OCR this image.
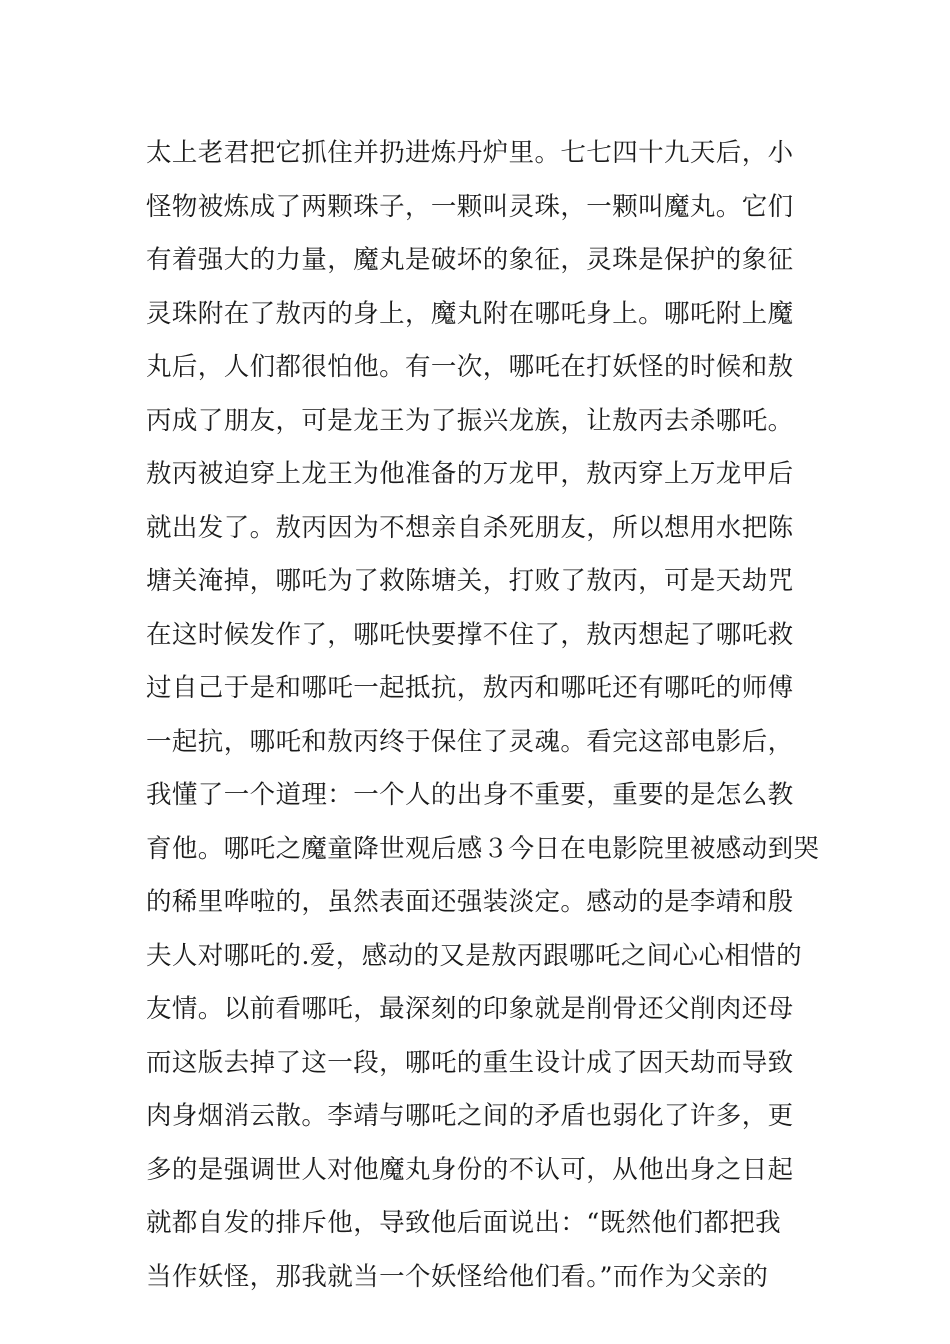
太上老君把它抓住并扔进炼丹炉里。七七四十九天后，小
怪物被炼成了两颗珠子，一颗叫灵珠，一颗叫魔丸。它们
有着强大的力量，魔丸是破坏的象征，灵珠是保护的象征
灵珠附在了敖丙的身上，魔丸附在哪吒身上。哪吒附上魔
丸后，人们都很怕他。有一次，哪吒在打妖怪的时候和敖
丙成了朋友，可是龙王为了振兴龙族，让敖丙去杀哪吒。
敖丙被迫穿上龙王为他准备的万龙甲，敖丙穿上万龙甲后
就出发了。敖丙因为不想亲自杀死朋友，所以想用水把陈
塘关淹掉，哪吒为了救陈塘关，打败了敖丙，可是天劫咒
在这时候发作了，哪吒快要撑不住了，敖丙想起了哪吒救
过自己于是和哪吒一起抵抗，敖丙和哪吒还有哪吒的师傅
一起抗，哪吒和敖丙终于保住了灵魂。看完这部电影后，
我懂了一个道理：一个人的出身不重要，重要的是怎么教
育他。哪吒之魔童降世观后感３今日在电影院里被感动到哭
的稀里哗啦的，虽然表面还强装淡定。感动的是李靖和殷
夫人对哪吒的.爱，感动的又是敖丙跟哪吒之间心心相惜的
友情。以前看哪吒，最深刻的印象就是削骨还父削肉还母
而这版去掉了这一段，哪吒的重生设计成了因天劫而导致
肉身烟消云散。李靖与哪吒之间的矛盾也弱化了许多，更
多的是强调世人对他魔丸身份的不认可，从他出身之日起
就都自发的排斥他，导致他后面说出：“既然他们都把我
当作妖怪，那我就当一个妖怪给他们看。”而作为父亲的
